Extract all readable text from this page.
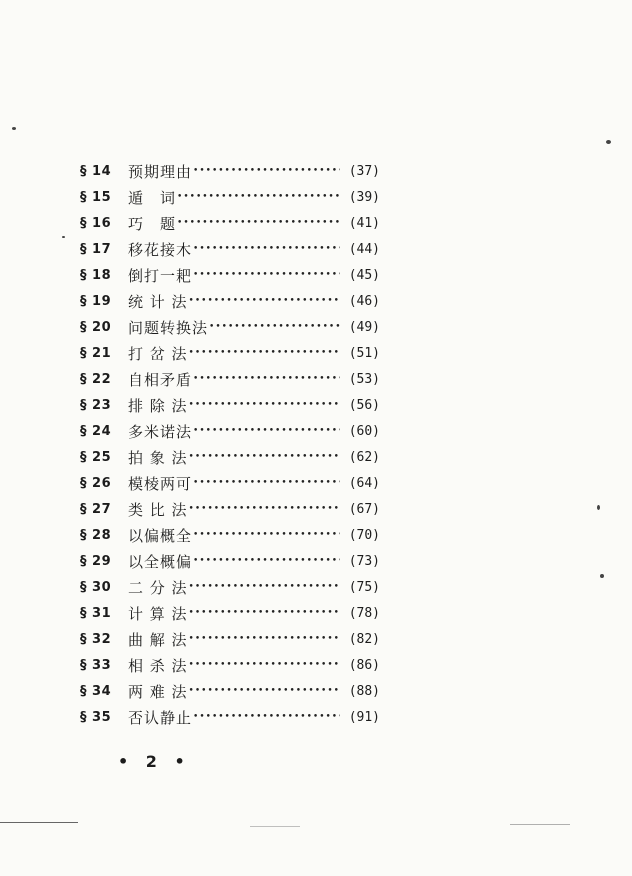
§ 14	预期理由 •••••	(37)
§ 15	遁　词 •••••	(39)
§ 16	巧　题 •••••	(41)
§ 17	移花接木 •••••	(44)
§ 18	倒打一耙 •••••	(45)
§ 19	统 计 法 •••••	(46)
§ 20	问题转换法 •••••	(49)
§ 21	打 岔 法 •••••	(51)
§ 22	自相矛盾 •••••	(53)
§ 23	排 除 法 •••••	(56)
§ 24	多米诺法 •••••	(60)
§ 25	拍 象 法 •••••	(62)
§ 26	模棱两可 •••••	(64)
§ 27	类 比 法 •••••	(67)
§ 28	以偏概全 •••••	(70)
§ 29	以全概偏 •••••	(73)
§ 30	二 分 法 •••••	(75)
§ 31	计 算 法 •••••	(78)
§ 32	曲 解 法 •••••	(82)
§ 33	相 杀 法 •••••	(86)
§ 34	两 难 法 •••••	(88)
§ 35	否认静止 •••••	(91)
• 2 •
